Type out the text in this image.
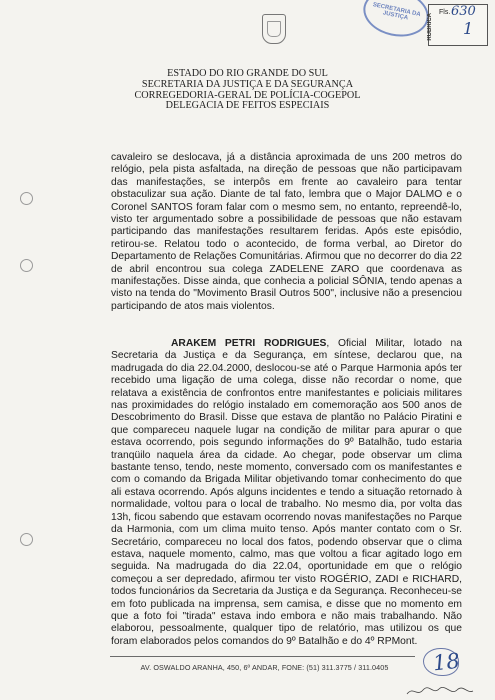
SECRETARIA DA JUSTIÇA	RUBRICA
Fls. 630
1
ESTADO DO RIO GRANDE DO SUL
SECRETARIA DA JUSTIÇA E DA SEGURANÇA
CORREGEDORIA-GERAL DE POLÍCIA-COGEPOL
DELEGACIA DE FEITOS ESPECIAIS

cavaleiro se deslocava, já a distância aproximada de uns 200 metros do relógio, pela pista asfaltada, na direção de pessoas que não participavam das manifestações, se interpôs em frente ao cavaleiro para tentar obstaculizar sua ação. Diante de tal fato, lembra que o Major DALMO e o Coronel SANTOS foram falar com o mesmo sem, no entanto, repreendê-lo, visto ter argumentado sobre a possibilidade de pessoas que não estavam participando das manifestações resultarem feridas. Após este episódio, retirou-se. Relatou todo o acontecido, de forma verbal, ao Diretor do Departamento de Relações Comunitárias. Afirmou que no decorrer do dia 22 de abril encontrou sua colega ZADELENE ZARO que coordenava as manifestações. Disse ainda, que conhecia a policial SÔNIA, tendo apenas a visto na tenda do "Movimento Brasil Outros 500", inclusive não a presenciou participando de atos mais violentos.

ARAKEM PETRI RODRIGUES, Oficial Militar, lotado na Secretaria da Justiça e da Segurança, em síntese, declarou que, na madrugada do dia 22.04.2000, deslocou-se até o Parque Harmonia após ter recebido uma ligação de uma colega, disse não recordar o nome, que relatava a existência de confrontos entre manifestantes e policiais militares nas proximidades do relógio instalado em comemoração aos 500 anos de Descobrimento do Brasil. Disse que estava de plantão no Palácio Piratini e que compareceu naquele lugar na condição de militar para apurar o que estava ocorrendo, pois segundo informações do 9º Batalhão, tudo estaria tranqüilo naquela área da cidade. Ao chegar, pode observar um clima bastante tenso, tendo, neste momento, conversado com os manifestantes e com o comando da Brigada Militar objetivando tomar conhecimento do que ali estava ocorrendo. Após alguns incidentes e tendo a situação retornado à normalidade, voltou para o local de trabalho. No mesmo dia, por volta das 13h, ficou sabendo que estavam ocorrendo novas manifestações no Parque da Harmonia, com um clima muito tenso. Após manter contato com o Sr. Secretário, compareceu no local dos fatos, podendo observar que o clima estava, naquele momento, calmo, mas que voltou a ficar agitado logo em seguida. Na madrugada do dia 22.04, oportunidade em que o relógio começou a ser depredado, afirmou ter visto ROGÉRIO, ZADI e RICHARD, todos funcionários da Secretaria da Justiça e da Segurança. Reconheceu-se em foto publicada na imprensa, sem camisa, e disse que no momento em que a foto foi "tirada" estava indo embora e não mais trabalhando. Não elaborou, pessoalmente, qualquer tipo de relatório, mas utilizou os que foram elaborados pelos comandos do 9º Batalhão e do 4º RPMont.

AV. OSWALDO ARANHA, 450, 6º ANDAR, FONE: (51) 311.3775 / 311.0405	18
